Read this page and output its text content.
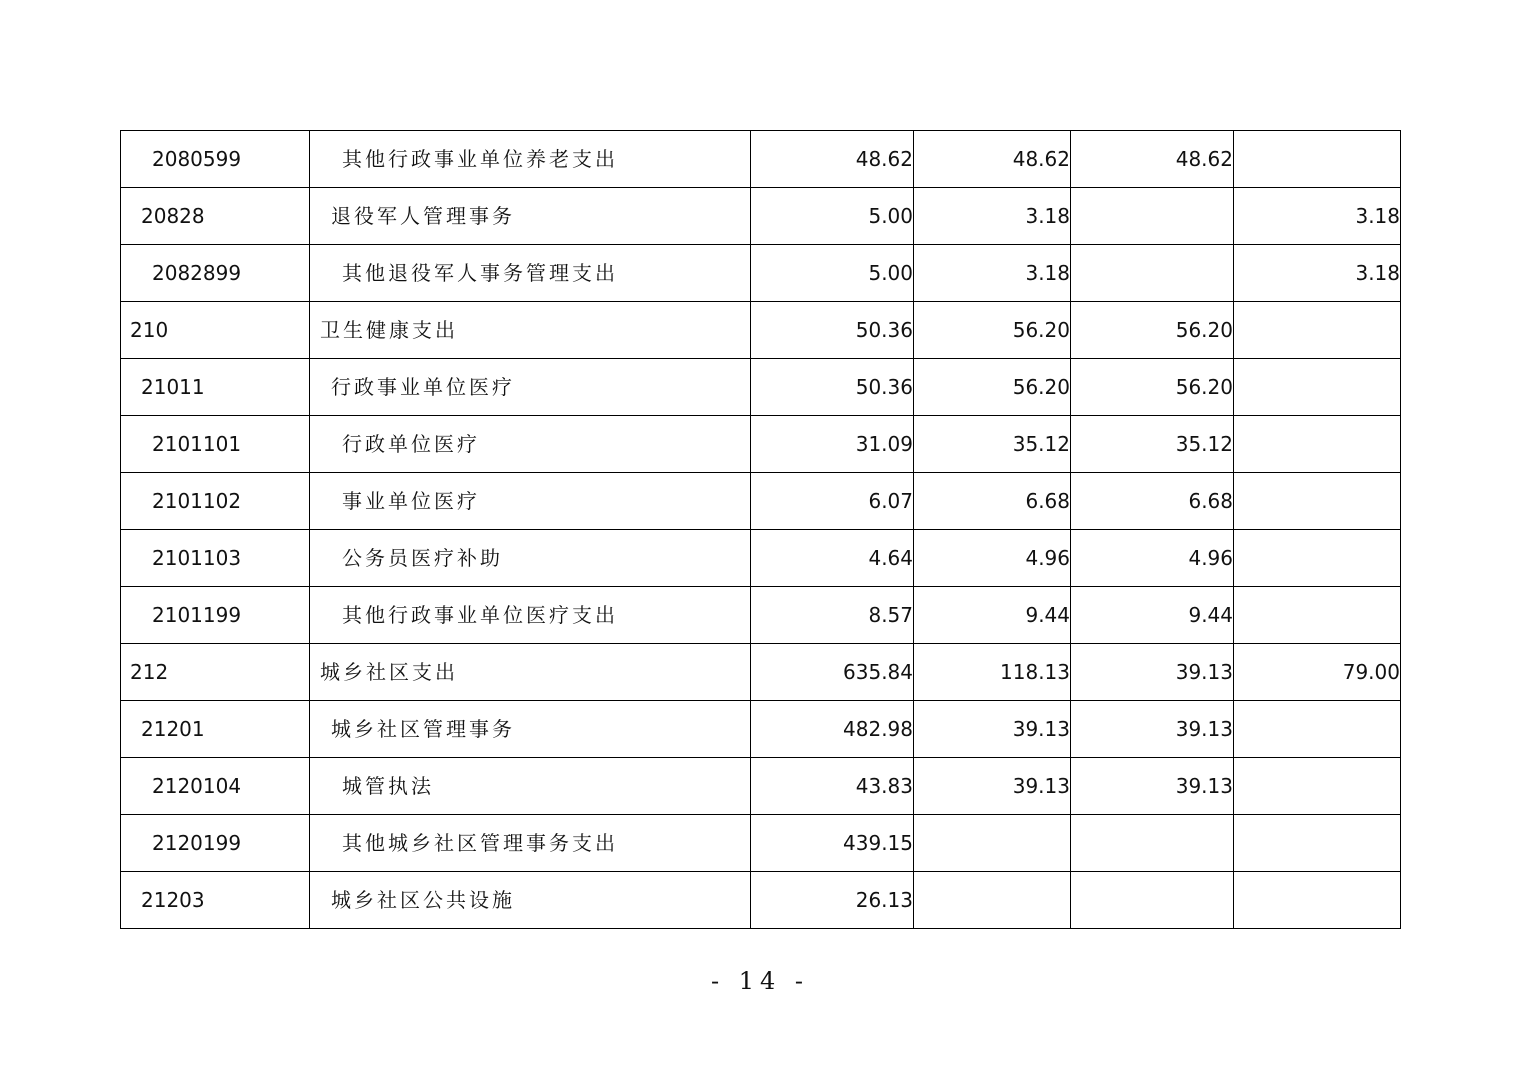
2080599	其他行政事业单位养老支出	48.62	48.62	48.62	
20828	退役军人管理事务	5.00	3.18		3.18
2082899	其他退役军人事务管理支出	5.00	3.18		3.18
210	卫生健康支出	50.36	56.20	56.20	
21011	行政事业单位医疗	50.36	56.20	56.20	
2101101	行政单位医疗	31.09	35.12	35.12	
2101102	事业单位医疗	6.07	6.68	6.68	
2101103	公务员医疗补助	4.64	4.96	4.96	
2101199	其他行政事业单位医疗支出	8.57	9.44	9.44	
212	城乡社区支出	635.84	118.13	39.13	79.00
21201	城乡社区管理事务	482.98	39.13	39.13	
2120104	城管执法	43.83	39.13	39.13	
2120199	其他城乡社区管理事务支出	439.15			
21203	城乡社区公共设施	26.13			
- 14 -
